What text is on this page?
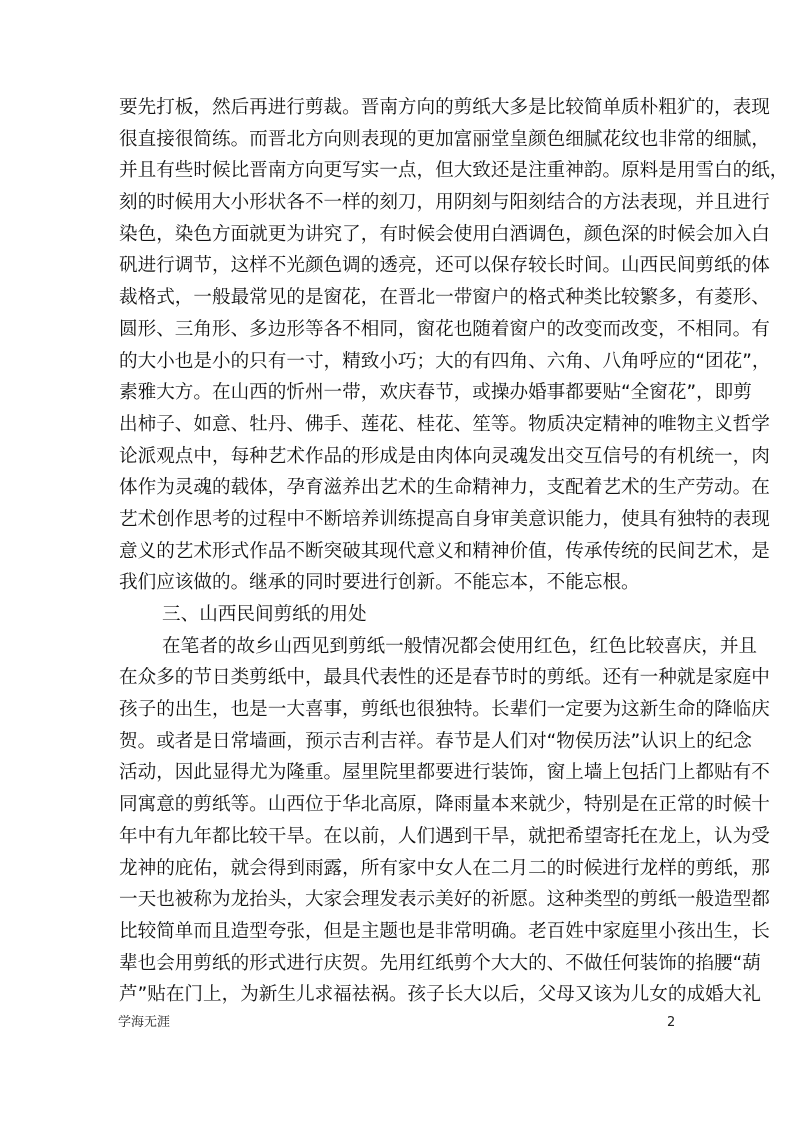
要先打板，然后再进行剪裁。晋南方向的剪纸大多是比较简单质朴粗犷的，表现
很直接很简练。而晋北方向则表现的更加富丽堂皇颜色细腻花纹也非常的细腻，
并且有些时候比晋南方向更写实一点，但大致还是注重神韵。原料是用雪白的纸，
刻的时候用大小形状各不一样的刻刀，用阴刻与阳刻结合的方法表现，并且进行
染色，染色方面就更为讲究了，有时候会使用白酒调色，颜色深的时候会加入白
矾进行调节，这样不光颜色调的透亮，还可以保存较长时间。山西民间剪纸的体
裁格式，一般最常见的是窗花，在晋北一带窗户的格式种类比较繁多，有菱形、
圆形、三角形、多边形等各不相同，窗花也随着窗户的改变而改变，不相同。有
的大小也是小的只有一寸，精致小巧；大的有四角、六角、八角呼应的“团花”，
素雅大方。在山西的忻州一带，欢庆春节，或操办婚事都要贴“全窗花”，即剪
出柿子、如意、牡丹、佛手、莲花、桂花、笙等。物质决定精神的唯物主义哲学
论派观点中，每种艺术作品的形成是由肉体向灵魂发出交互信号的有机统一，肉
体作为灵魂的载体，孕育滋养出艺术的生命精神力，支配着艺术的生产劳动。在
艺术创作思考的过程中不断培养训练提高自身审美意识能力，使具有独特的表现
意义的艺术形式作品不断突破其现代意义和精神价值，传承传统的民间艺术，是
我们应该做的。继承的同时要进行创新。不能忘本，不能忘根。
三、山西民间剪纸的用处
在笔者的故乡山西见到剪纸一般情况都会使用红色，红色比较喜庆，并且
在众多的节日类剪纸中，最具代表性的还是春节时的剪纸。还有一种就是家庭中
孩子的出生，也是一大喜事，剪纸也很独特。长辈们一定要为这新生命的降临庆
贺。或者是日常墙画，预示吉利吉祥。春节是人们对“物侯历法”认识上的纪念
活动，因此显得尤为隆重。屋里院里都要进行装饰，窗上墙上包括门上都贴有不
同寓意的剪纸等。山西位于华北高原，降雨量本来就少，特别是在正常的时候十
年中有九年都比较干旱。在以前，人们遇到干旱，就把希望寄托在龙上，认为受
龙神的庇佑，就会得到雨露，所有家中女人在二月二的时候进行龙样的剪纸，那
一天也被称为龙抬头，大家会理发表示美好的祈愿。这种类型的剪纸一般造型都
比较简单而且造型夸张，但是主题也是非常明确。老百姓中家庭里小孩出生，长
辈也会用剪纸的形式进行庆贺。先用红纸剪个大大的、不做任何装饰的掐腰“葫
芦”贴在门上，为新生儿求福祛祸。孩子长大以后，父母又该为儿女的成婚大礼
学海无涯	2
